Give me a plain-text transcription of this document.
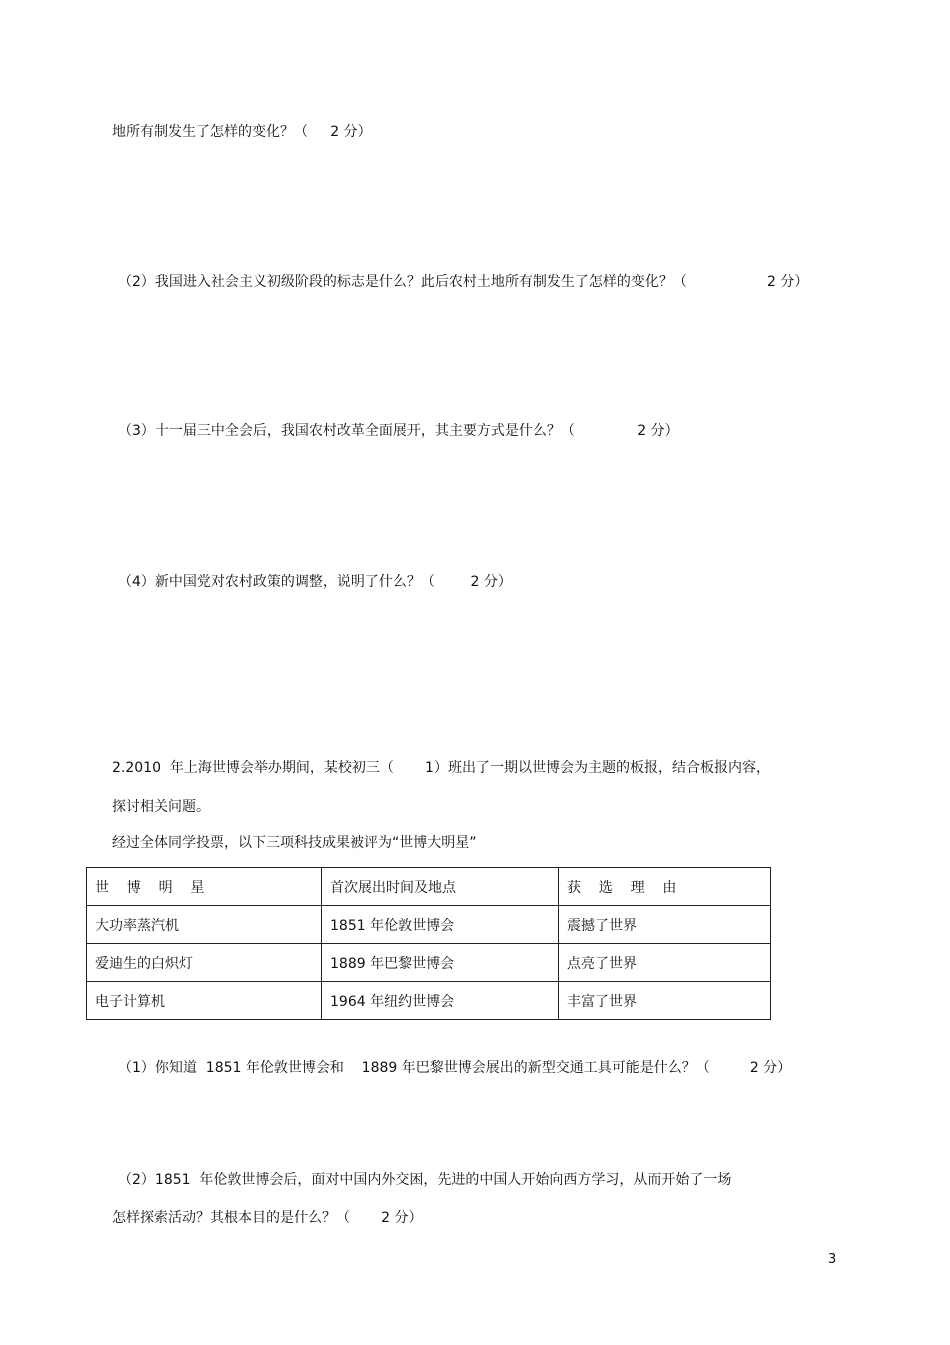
地所有制发生了怎样的变化？（     2 分）
（2）我国进入社会主义初级阶段的标志是什么？此后农村土地所有制发生了怎样的变化？（                  2 分）
（3）十一届三中全会后，我国农村改革全面展开，其主要方式是什么？（              2 分）
（4）新中国党对农村政策的调整，说明了什么？（        2 分）
2.2010  年上海世博会举办期间，某校初三（       1）班出了一期以世博会为主题的板报，结合板报内容，
探讨相关问题。
经过全体同学投票，以下三项科技成果被评为“世博大明星”
世    博    明    星	首次展出时间及地点	获    选    理    由
大功率蒸汽机	1851 年伦敦世博会	震撼了世界
爱迪生的白炽灯	1889 年巴黎世博会	点亮了世界
电子计算机	1964 年纽约世博会	丰富了世界
（1）你知道  1851 年伦敦世博会和    1889 年巴黎世博会展出的新型交通工具可能是什么？（         2 分）
（2）1851  年伦敦世博会后，面对中国内外交困，先进的中国人开始向西方学习，从而开始了一场
怎样探索活动？其根本目的是什么？（       2 分）
3
